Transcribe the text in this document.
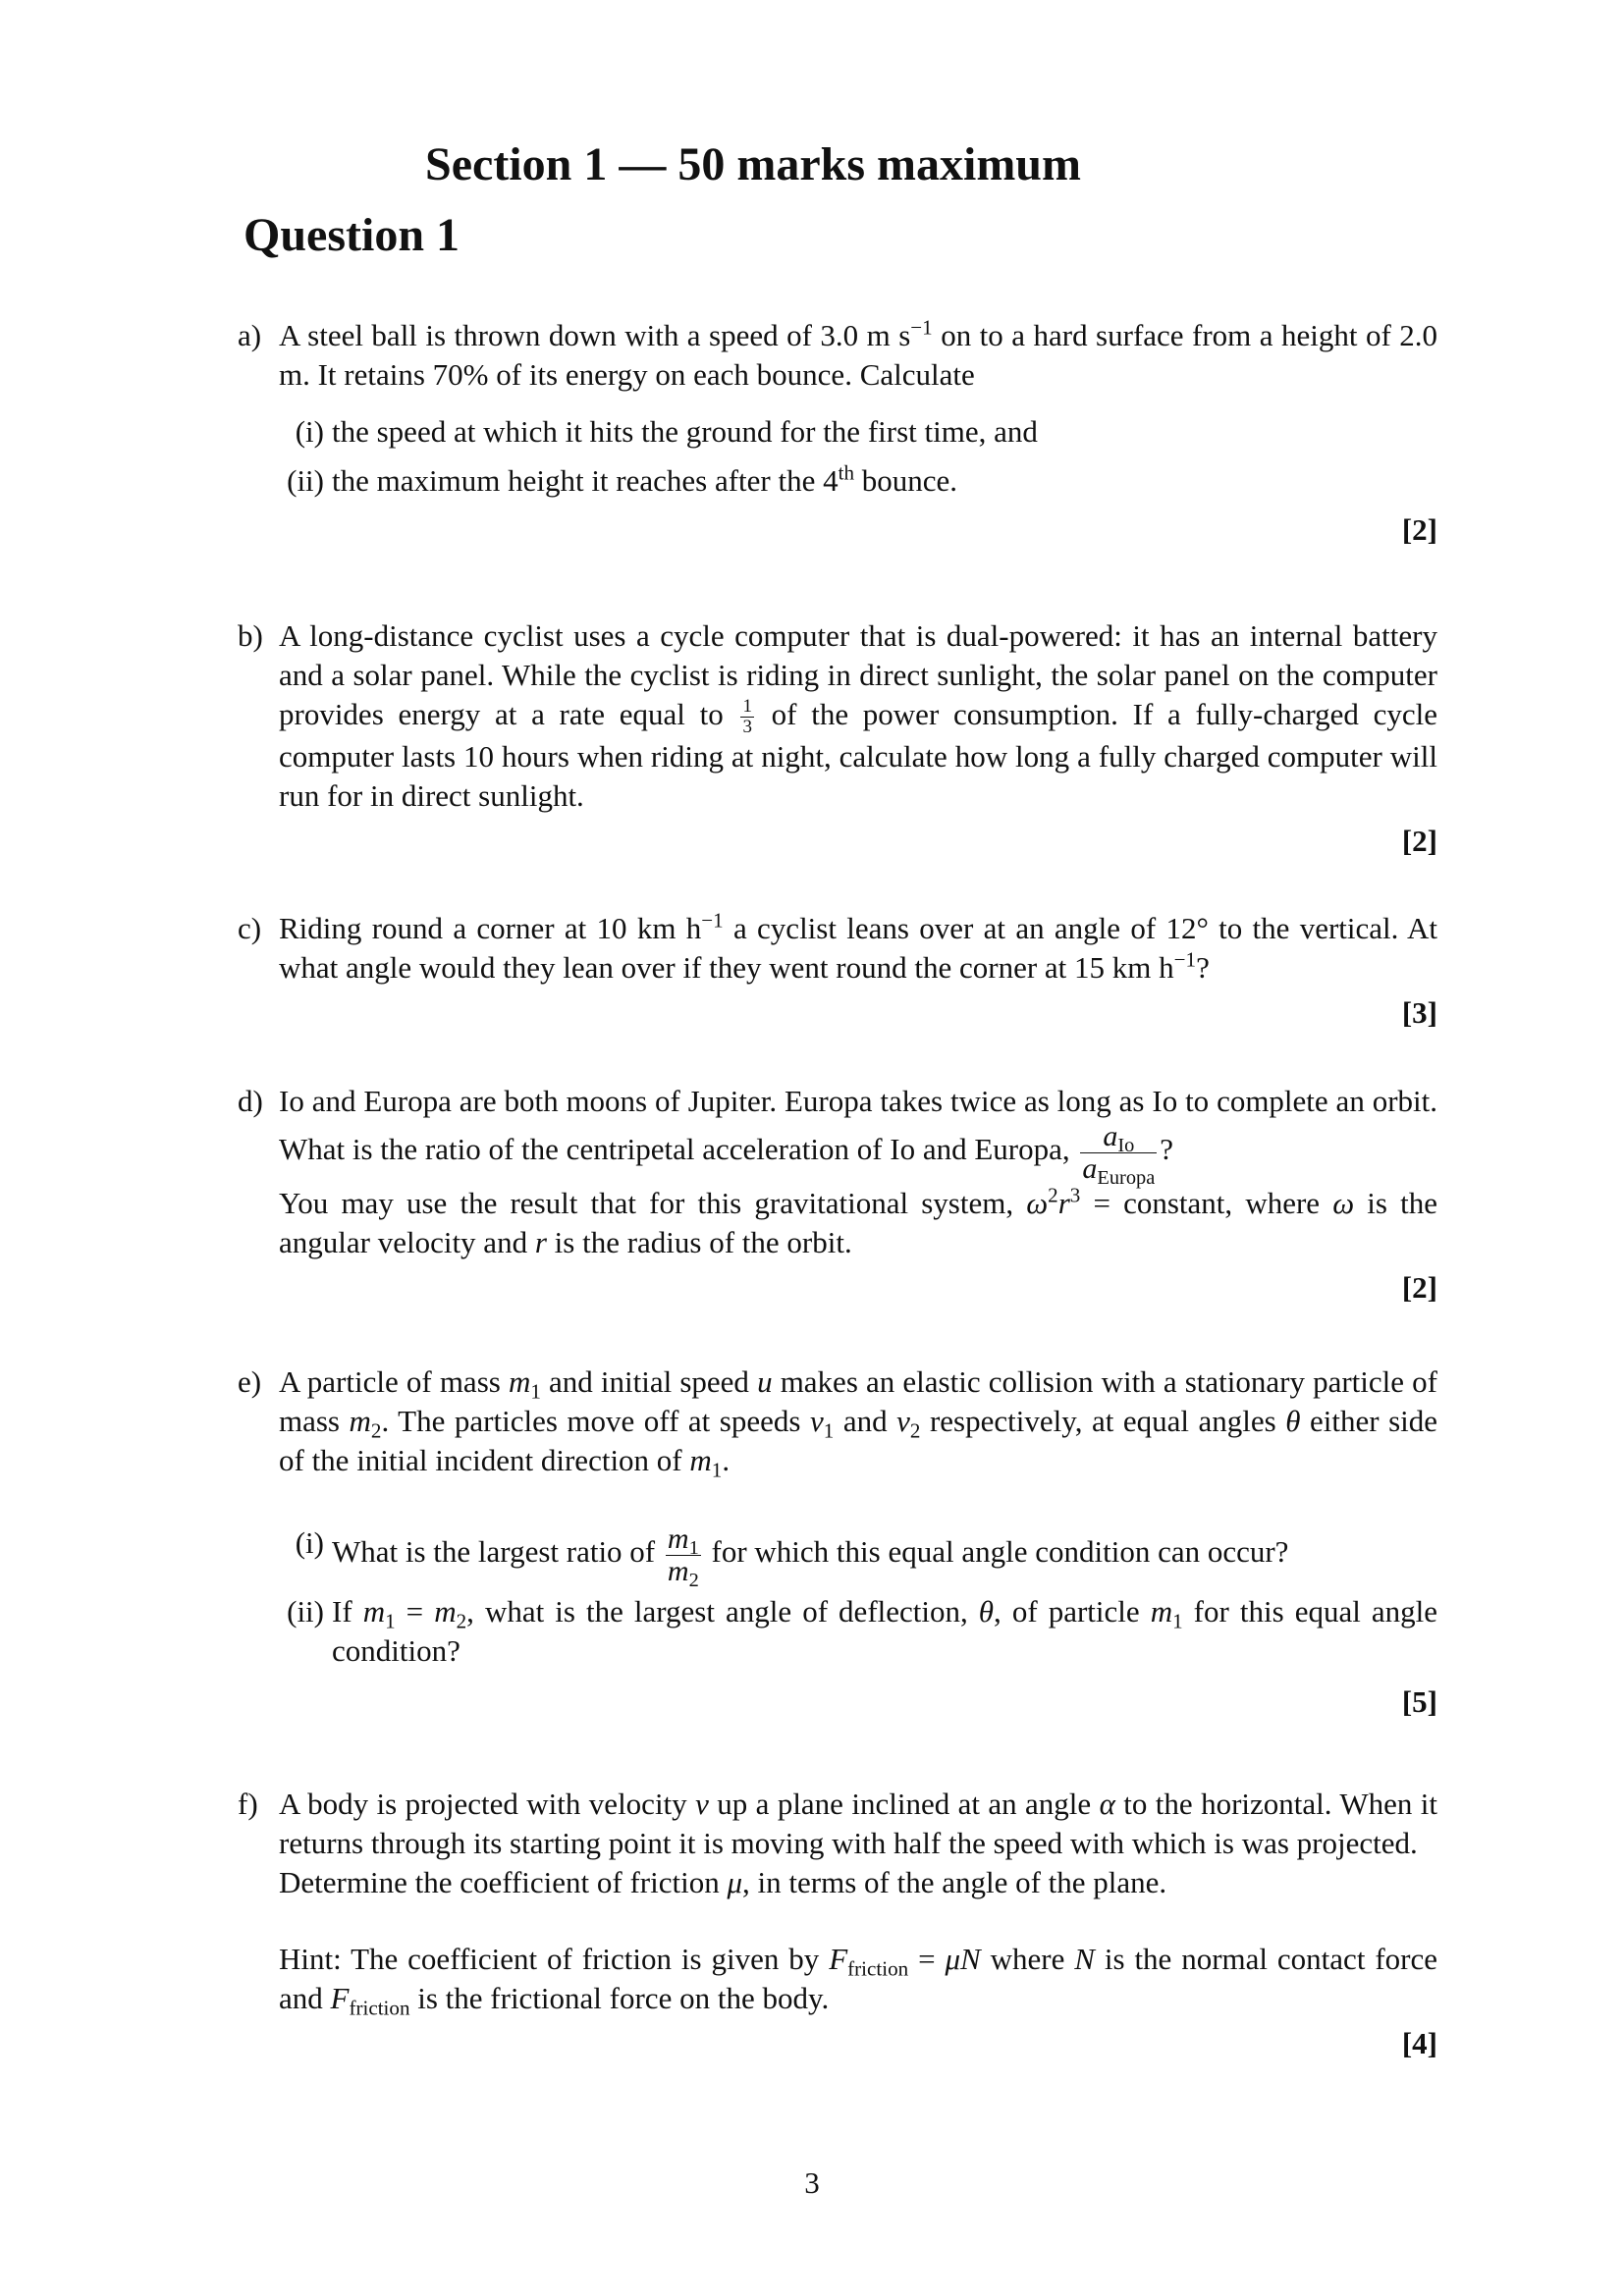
Section 1 — 50 marks maximum
Question 1
a) A steel ball is thrown down with a speed of 3.0 m $s^{-1}$ on to a hard surface from a height of 2.0 m. It retains 70% of its energy on each bounce. Calculate

(i) the speed at which it hits the ground for the first time, and
(ii) the maximum height it reaches after the 4th bounce.
[2]
b) A long-distance cyclist uses a cycle computer that is dual-powered: it has an internal battery and a solar panel. While the cyclist is riding in direct sunlight, the solar panel on the computer provides energy at a rate equal to $\frac{1}{3}$ of the power consumption. If a fully-charged cycle computer lasts 10 hours when riding at night, calculate how long a fully charged computer will run for in direct sunlight.

[2]
c) Riding round a corner at 10 km $h^{-1}$ a cyclist leans over at an angle of 12° to the vertical. At what angle would they lean over if they went round the corner at 15 km $h^{-1}$?

[3]
d) Io and Europa are both moons of Jupiter. Europa takes twice as long as Io to complete an orbit. What is the ratio of the centripetal acceleration of Io and Europa, $\frac{a_{Io}}{a_{Europa}}$ ?

You may use the result that for this gravitational system, $\omega^2r^3$ = constant, where ω is the angular velocity and r is the radius of the orbit.

[2]
e) A particle of mass $m_1$ and initial speed u makes an elastic collision with a stationary particle of mass $m_2$. The particles move off at speeds $v_1$ and $v_2$ respectively, at equal angles θ either side of the initial incident direction of $m_1$.

(i) What is the largest ratio of $\frac{m_1}{m_2}$ for which this equal angle condition can occur?
(ii) If $m_1 = m_2$, what is the largest angle of deflection, θ, of particle $m_1$ for this equal angle condition?
[5]
f) A body is projected with velocity v up a plane inclined at an angle α to the horizontal. When it returns through its starting point it is moving with half the speed with which is was projected.

Determine the coefficient of friction μ, in terms of the angle of the plane.

Hint: The coefficient of friction is given by $F_{friction} = \mu N$ where N is the normal contact force and $F_{friction}$ is the frictional force on the body.

[4]
3
